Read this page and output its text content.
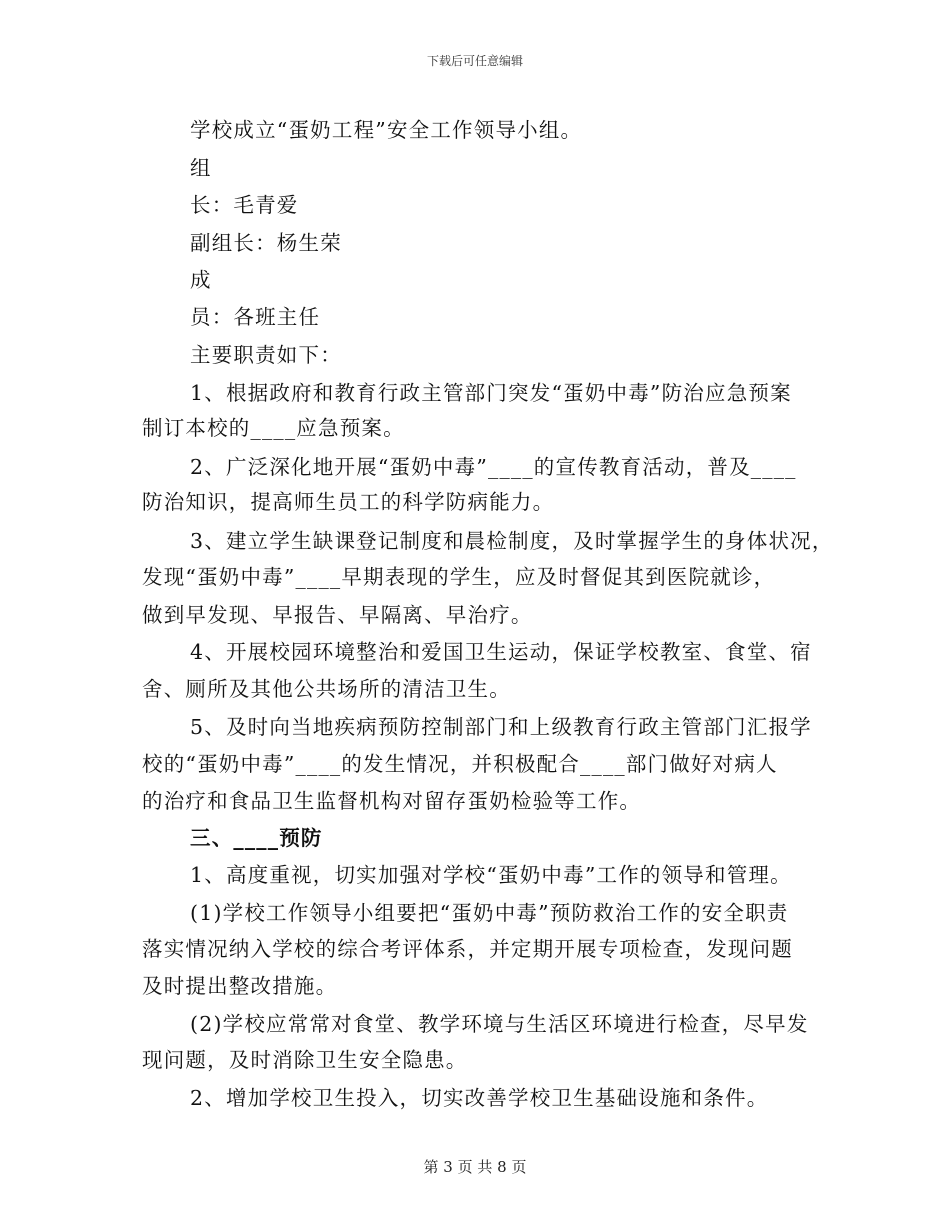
下载后可任意编辑
学校成立“蛋奶工程”安全工作领导小组。
组
长：毛青爱
副组长：杨生荣
成
员：各班主任
主要职责如下：
1、根据政府和教育行政主管部门突发“蛋奶中毒”防治应急预案
制订本校的____应急预案。
2、广泛深化地开展“蛋奶中毒”____的宣传教育活动，普及____
防治知识，提高师生员工的科学防病能力。
3、建立学生缺课登记制度和晨检制度，及时掌握学生的身体状况，
发现“蛋奶中毒”____早期表现的学生，应及时督促其到医院就诊，
做到早发现、早报告、早隔离、早治疗。
4、开展校园环境整治和爱国卫生运动，保证学校教室、食堂、宿
舍、厕所及其他公共场所的清洁卫生。
5、及时向当地疾病预防控制部门和上级教育行政主管部门汇报学
校的“蛋奶中毒”____的发生情况，并积极配合____部门做好对病人
的治疗和食品卫生监督机构对留存蛋奶检验等工作。
三、____预防
1、高度重视，切实加强对学校“蛋奶中毒”工作的领导和管理。
(1)学校工作领导小组要把“蛋奶中毒”预防救治工作的安全职责
落实情况纳入学校的综合考评体系，并定期开展专项检查，发现问题
及时提出整改措施。
(2)学校应常常对食堂、教学环境与生活区环境进行检查，尽早发
现问题，及时消除卫生安全隐患。
2、增加学校卫生投入，切实改善学校卫生基础设施和条件。
第 3 页 共 8 页
